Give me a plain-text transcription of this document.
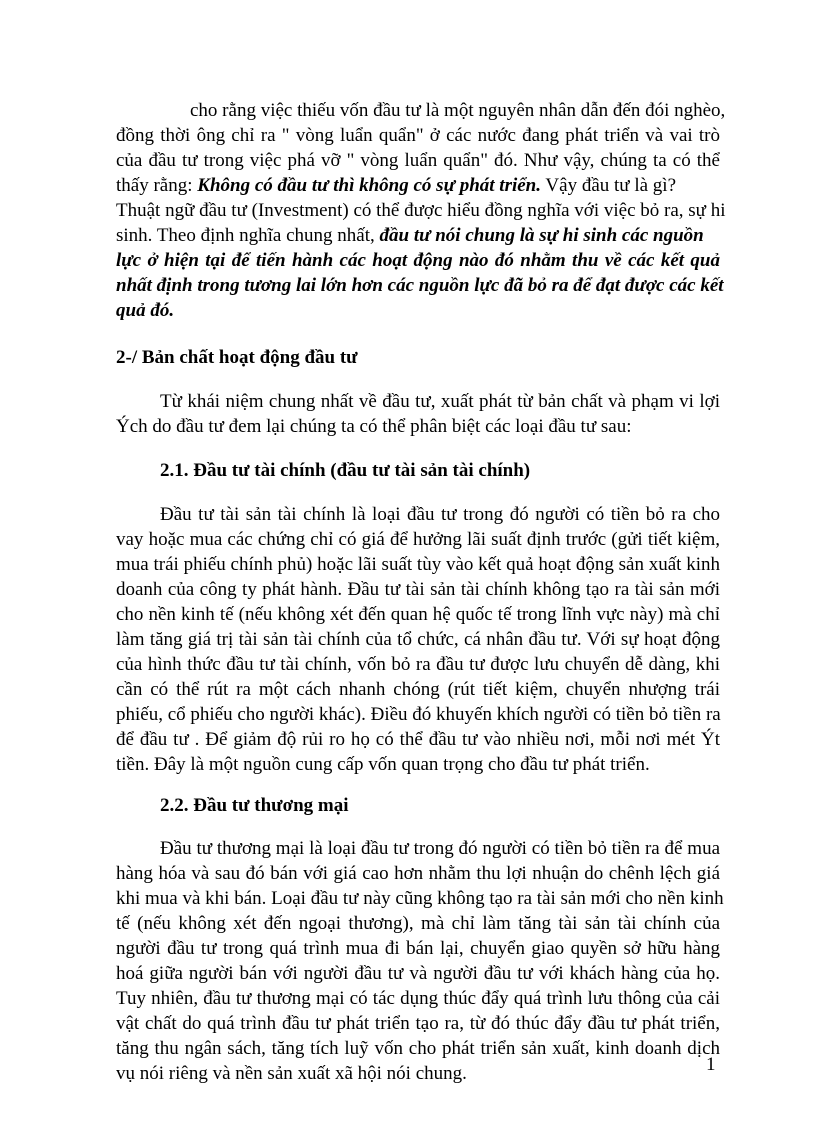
cho rằng việc thiếu vốn đầu tư là một nguyên nhân dẫn đến đói nghèo,
đồng thời ông chỉ ra " vòng luẩn quẩn" ở các nước đang phát triển và vai trò
của đầu tư trong việc phá vỡ " vòng luẩn quẩn" đó. Như vậy, chúng ta có thể
thấy rằng: Không có đầu tư thì không có sự phát triển. Vậy đầu tư là gì?
Thuật ngữ đầu tư (Investment) có thể được hiểu đồng nghĩa với việc bỏ ra, sự hi
sinh. Theo định nghĩa chung nhất, đầu tư nói chung là sự hi sinh các nguồn
lực ở hiện tại để tiến hành các hoạt động nào đó nhằm thu về các kết quả
nhất định trong tương lai lớn hơn các nguồn lực đã bỏ ra để đạt được các kết
quả đó.
2-/ Bản chất hoạt động đầu tư
Từ khái niệm chung nhất về đầu tư, xuất phát từ bản chất và phạm vi lợi
Ých do đầu tư đem lại chúng ta có thể phân biệt các loại đầu tư sau:
2.1. Đầu tư tài chính (đầu tư tài sản tài chính)
Đầu tư tài sản tài chính là loại đầu tư trong đó người có tiền bỏ ra cho
vay hoặc mua các chứng chỉ có giá để hưởng lãi suất định trước (gửi tiết kiệm,
mua trái phiếu chính phủ) hoặc lãi suất tùy vào kết quả hoạt động sản xuất kinh
doanh của công ty phát hành. Đầu tư tài sản tài chính không tạo ra tài sản mới
cho nền kinh tế (nếu không xét đến quan hệ quốc tế trong lĩnh vực này) mà chỉ
làm tăng giá trị tài sản tài chính của tổ chức, cá nhân đầu tư. Với sự hoạt động
của hình thức đầu tư tài chính, vốn bỏ ra đầu tư được lưu chuyển dễ dàng, khi
cần có thể rút ra một cách nhanh chóng (rút tiết kiệm, chuyển nhượng trái
phiếu, cổ phiếu cho người khác). Điều đó khuyến khích người có tiền bỏ tiền ra
để đầu tư . Để giảm độ rủi ro họ có thể đầu tư vào nhiều nơi, mỗi nơi mét Ýt
tiền. Đây là một nguồn cung cấp vốn quan trọng cho đầu tư phát triển.
2.2. Đầu tư thương mại
Đầu tư thương mại là loại đầu tư trong đó người có tiền bỏ tiền ra để mua
hàng hóa và sau đó bán với giá cao hơn nhằm thu lợi nhuận do chênh lệch giá
khi mua và khi bán. Loại đầu tư này cũng không tạo ra tài sản mới cho nền kinh
tế (nếu không xét đến ngoại thương), mà chỉ làm tăng tài sản tài chính của
người đầu tư trong quá trình mua đi bán lại, chuyển giao quyền sở hữu hàng
hoá giữa người bán với người đầu tư và người đầu tư với khách hàng của họ.
Tuy nhiên, đầu tư thương mại có tác dụng thúc đẩy quá trình lưu thông của cải
vật chất do quá trình đầu tư phát triển tạo ra, từ đó thúc đẩy đầu tư phát triển,
tăng thu ngân sách, tăng tích luỹ vốn cho phát triển sản xuất, kinh doanh dịch
vụ nói riêng và nền sản xuất xã hội nói chung.	1
